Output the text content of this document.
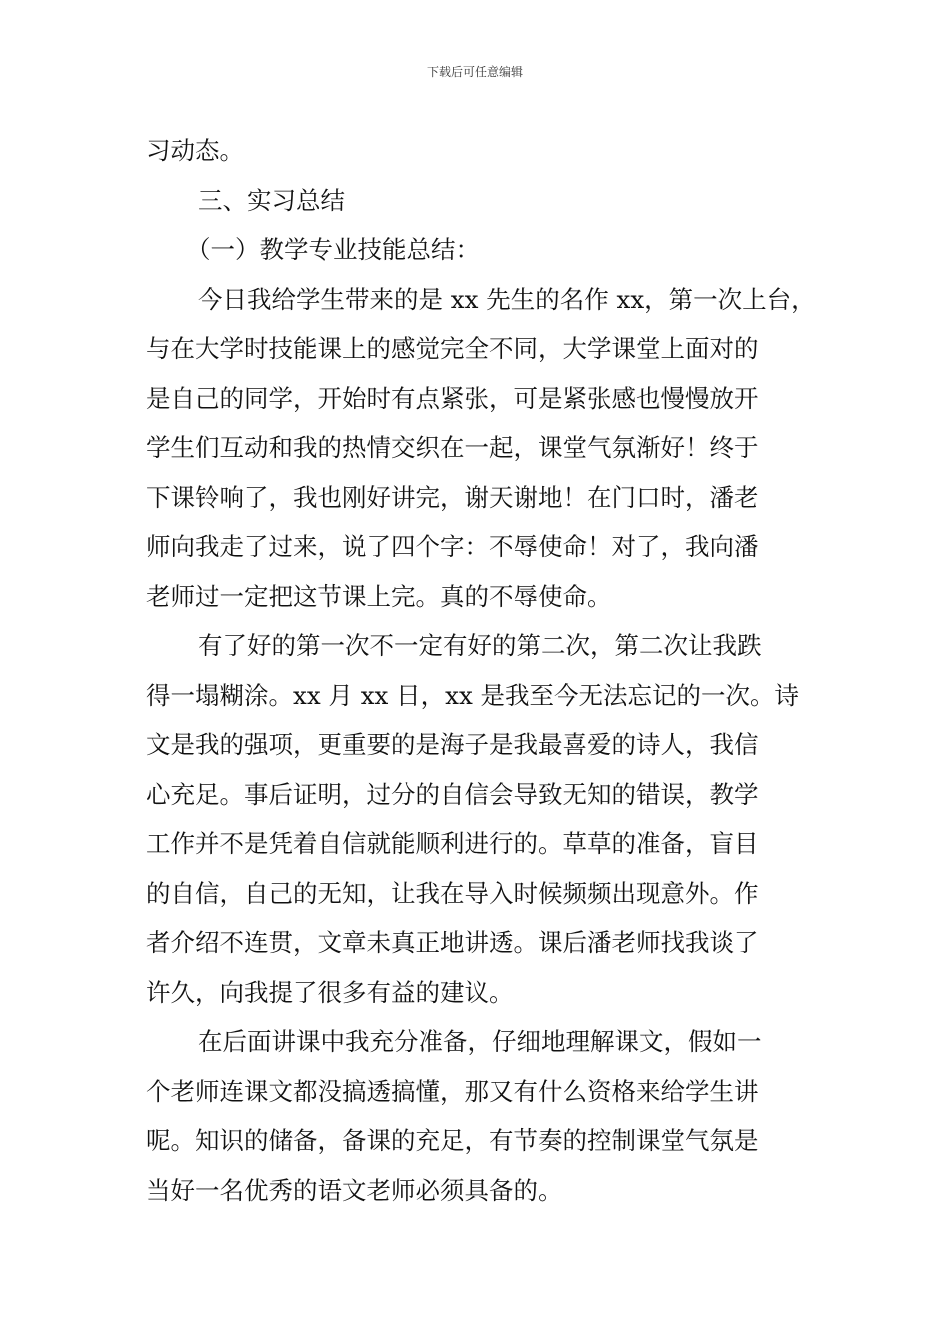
下载后可任意编辑
习动态。
三、实习总结
（一）教学专业技能总结：
今日我给学生带来的是 xx 先生的名作 xx，第一次上台，
与在大学时技能课上的感觉完全不同，大学课堂上面对的
是自己的同学，开始时有点紧张，可是紧张感也慢慢放开
学生们互动和我的热情交织在一起，课堂气氛渐好！终于
下课铃响了，我也刚好讲完，谢天谢地！在门口时，潘老
师向我走了过来，说了四个字：不辱使命！对了，我向潘
老师过一定把这节课上完。真的不辱使命。
有了好的第一次不一定有好的第二次，第二次让我跌
得一塌糊涂。xx 月 xx 日，xx 是我至今无法忘记的一次。诗
文是我的强项，更重要的是海子是我最喜爱的诗人，我信
心充足。事后证明，过分的自信会导致无知的错误，教学
工作并不是凭着自信就能顺利进行的。草草的准备，盲目
的自信，自己的无知，让我在导入时候频频出现意外。作
者介绍不连贯，文章未真正地讲透。课后潘老师找我谈了
许久，向我提了很多有益的建议。
在后面讲课中我充分准备，仔细地理解课文，假如一
个老师连课文都没搞透搞懂，那又有什么资格来给学生讲
呢。知识的储备，备课的充足，有节奏的控制课堂气氛是
当好一名优秀的语文老师必须具备的。
